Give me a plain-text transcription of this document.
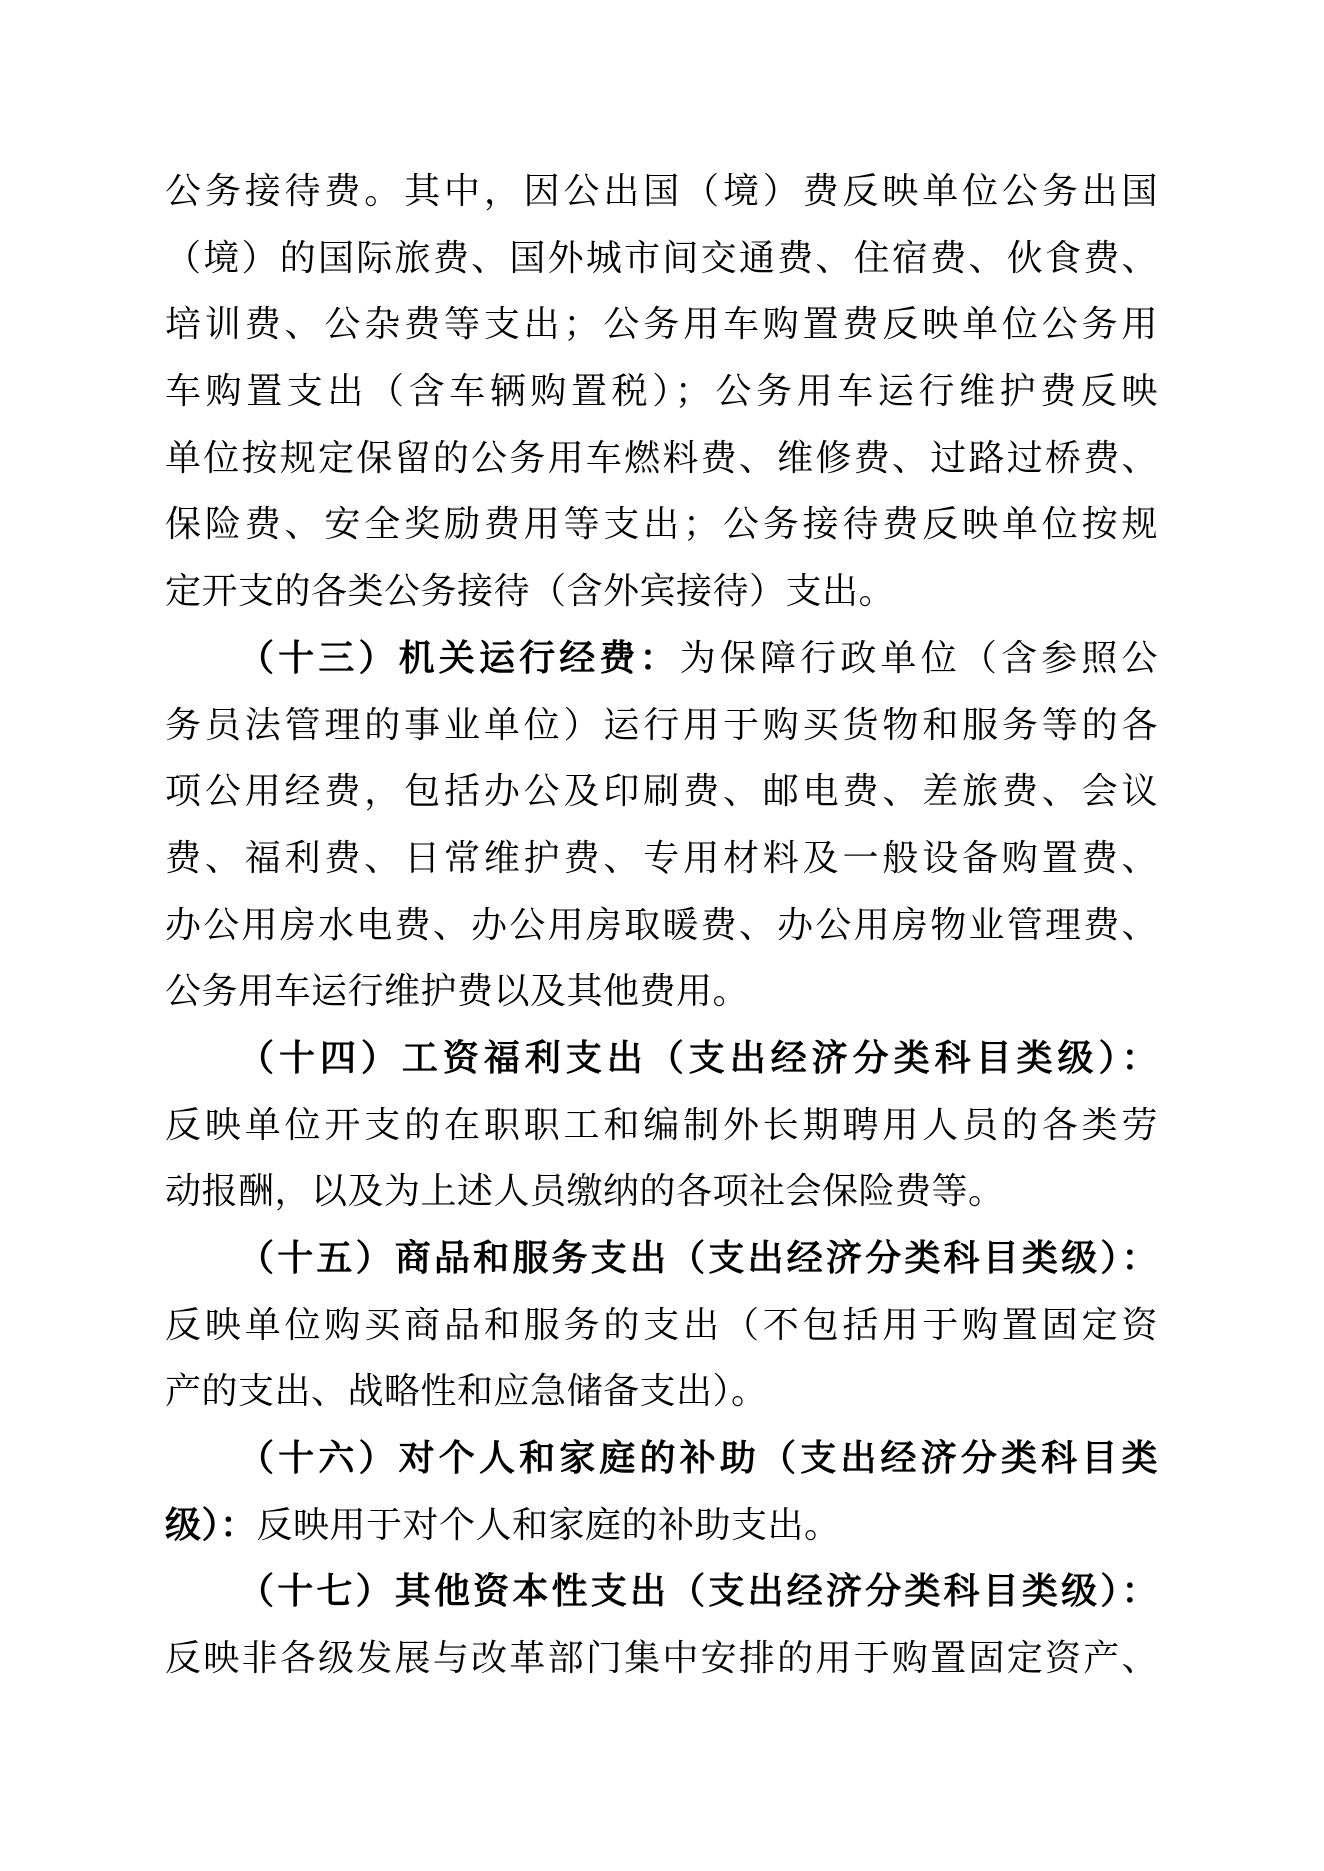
公务接待费。其中，因公出国（境）费反映单位公务出国
（境）的国际旅费、国外城市间交通费、住宿费、伙食费、
培训费、公杂费等支出；公务用车购置费反映单位公务用
车购置支出（含车辆购置税）；公务用车运行维护费反映
单位按规定保留的公务用车燃料费、维修费、过路过桥费、
保险费、安全奖励费用等支出；公务接待费反映单位按规
定开支的各类公务接待（含外宾接待）支出。
（十三）机关运行经费：为保障行政单位（含参照公
务员法管理的事业单位）运行用于购买货物和服务等的各
项公用经费，包括办公及印刷费、邮电费、差旅费、会议
费、福利费、日常维护费、专用材料及一般设备购置费、
办公用房水电费、办公用房取暖费、办公用房物业管理费、
公务用车运行维护费以及其他费用。
（十四）工资福利支出（支出经济分类科目类级）：
反映单位开支的在职职工和编制外长期聘用人员的各类劳
动报酬，以及为上述人员缴纳的各项社会保险费等。
（十五）商品和服务支出（支出经济分类科目类级）：
反映单位购买商品和服务的支出（不包括用于购置固定资
产的支出、战略性和应急储备支出）。
（十六）对个人和家庭的补助（支出经济分类科目类
级）：反映用于对个人和家庭的补助支出。
（十七）其他资本性支出（支出经济分类科目类级）：
反映非各级发展与改革部门集中安排的用于购置固定资产、
